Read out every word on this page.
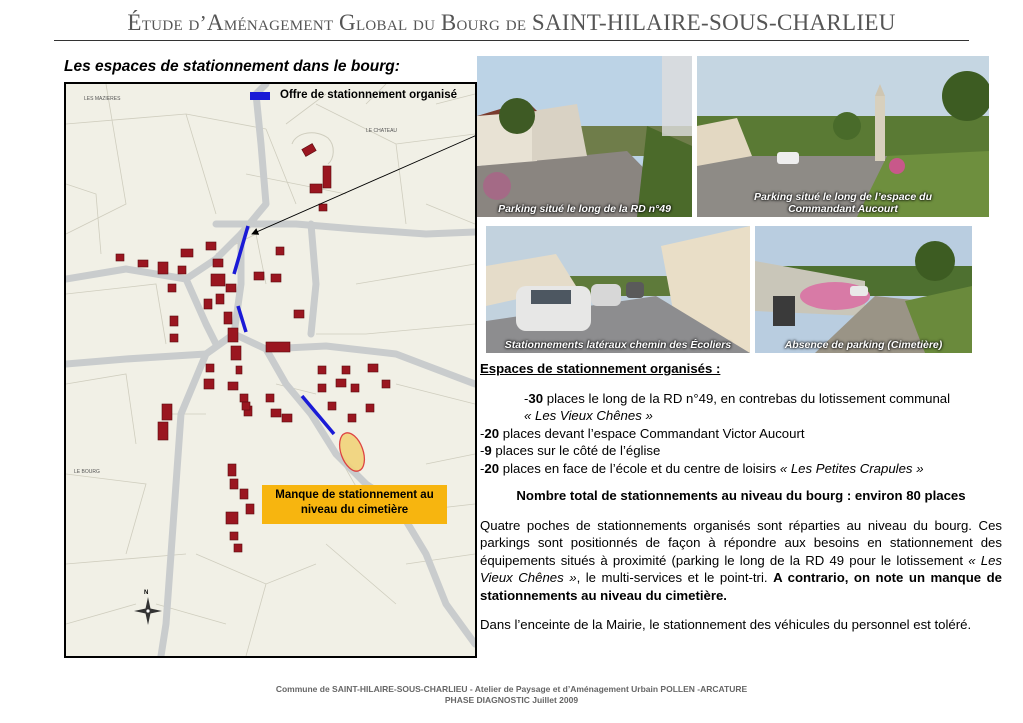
Étude d’Aménagement Global du Bourg de SAINT-HILAIRE-SOUS-CHARLIEU
Les espaces de stationnement dans le bourg:
LES MAZIERES
LE CHATEAU
LE BOURG
N
Offre de stationnement organisé
Manque de stationnement au
niveau du cimetière
Parking situé le long de la RD n°49
Parking situé le long de l’espace du
Commandant Aucourt
Stationnements latéraux chemin des Écoliers	Absence de parking (Cimetière)

Espaces de stationnement organisés :

-30 places le long de la RD n°49, en contrebas du lotissement communal
« Les Vieux Chênes »

-20 places devant l’espace Commandant Victor Aucourt

-9 places sur le côté de l’église

-20 places en face de l’école et du centre de loisirs « Les Petites Crapules »

Nombre total de stationnements au niveau du bourg : environ 80 places

Quatre poches de stationnements organisés sont réparties au niveau du bourg. Ces parkings sont positionnés de façon à répondre aux besoins en stationnement des équipements situés à proximité (parking le long de la RD 49 pour le lotissement « Les Vieux Chênes », le multi-services et le point-tri. A contrario, on note un manque de stationnements au niveau du cimetière.

Dans l’enceinte de la Mairie, le stationnement des véhicules du personnel est toléré.

Commune de SAINT-HILAIRE-SOUS-CHARLIEU - Atelier de Paysage et d’Aménagement Urbain POLLEN -ARCATURE
PHASE DIAGNOSTIC Juillet 2009
